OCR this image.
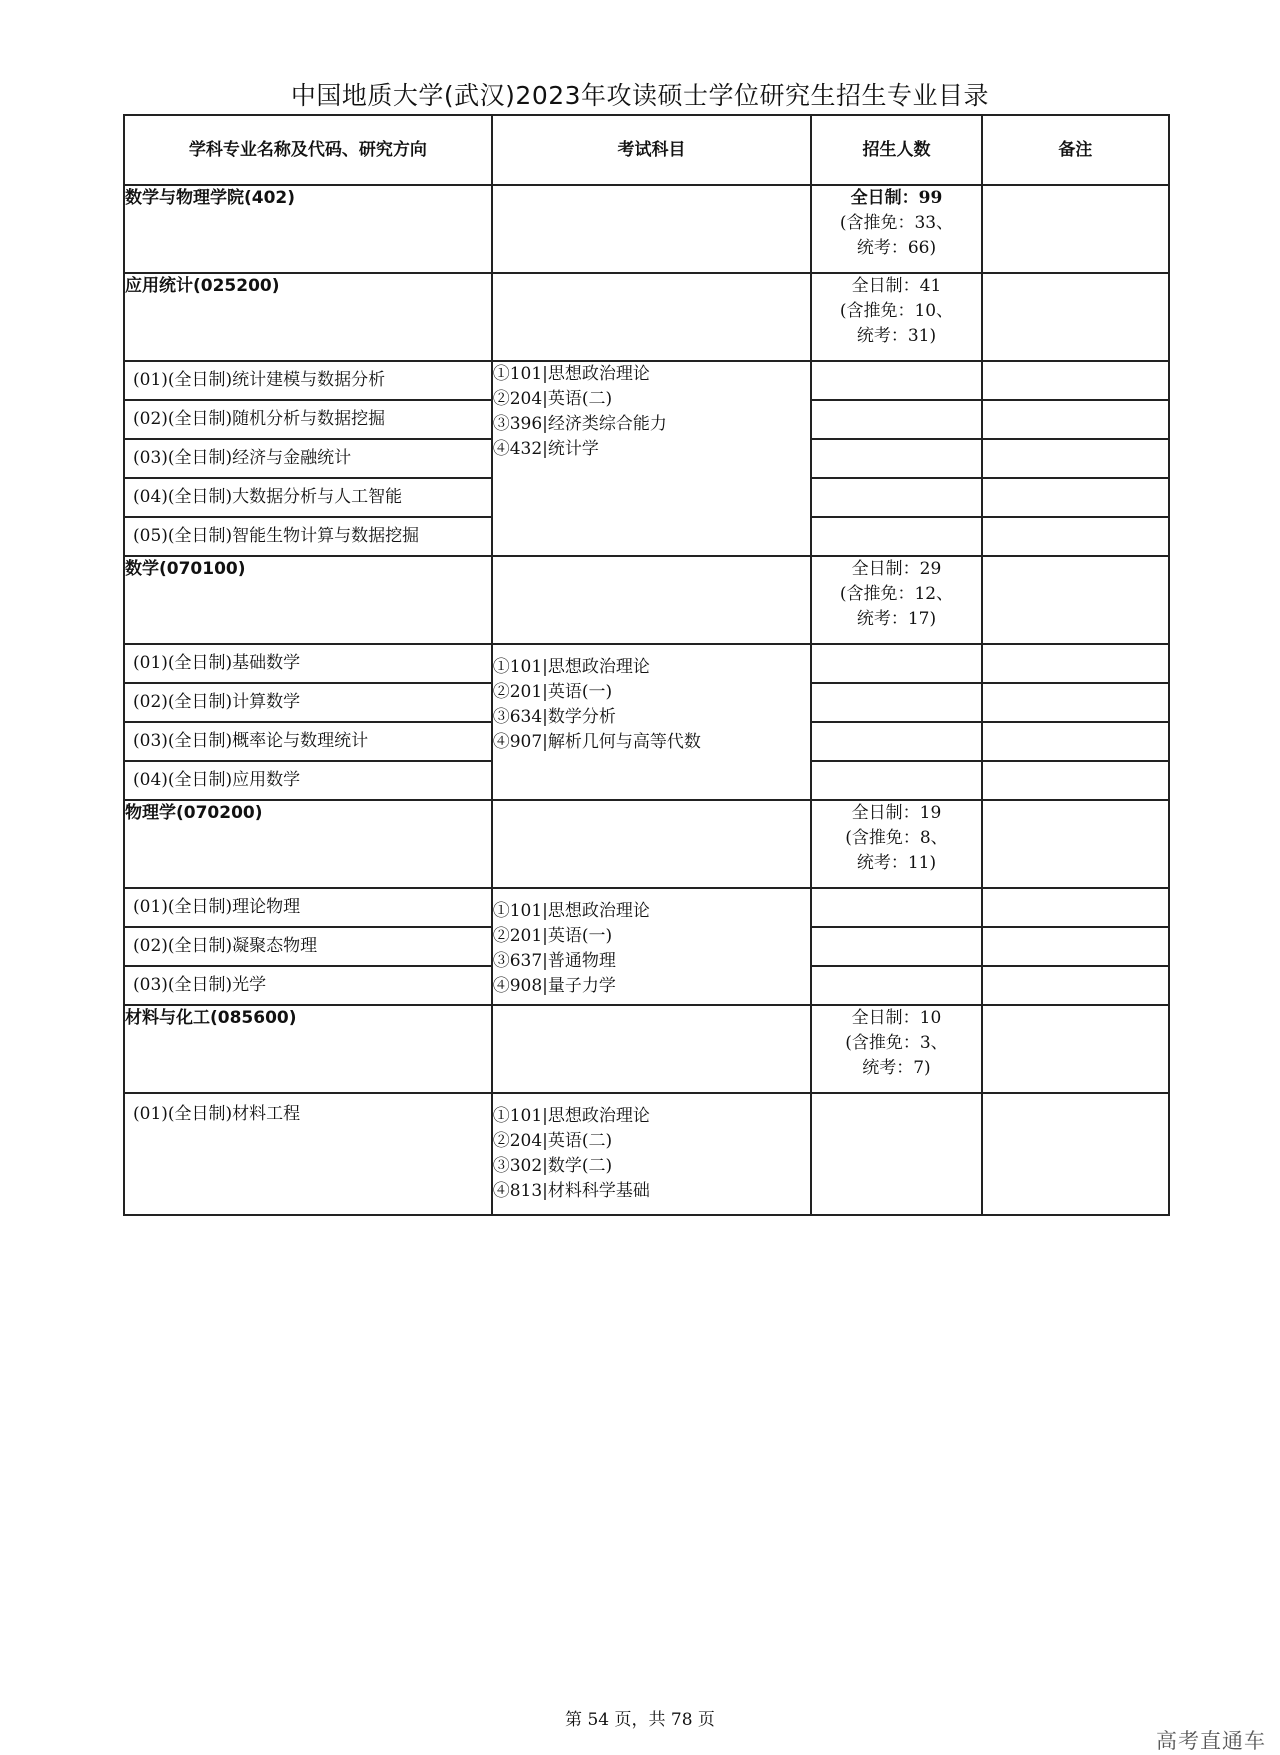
中国地质大学(武汉)2023年攻读硕士学位研究生招生专业目录
学科专业名称及代码、研究方向	考试科目	招生人数	备注
数学与物理学院(402)		全日制：99
(含推免：33、
统考：66)	

应用统计(025200)		全日制：41
(含推免：10、
统考：31)	

(01)(全日制)统计建模与数据分析	①101|思想政治理论
②204|英语(二)
③396|经济类综合能力
④432|统计学		

(02)(全日制)随机分析与数据挖掘			
(03)(全日制)经济与金融统计			
(04)(全日制)大数据分析与人工智能			
(05)(全日制)智能生物计算与数据挖掘			
数学(070100)		全日制：29
(含推免：12、
统考：17)	

(01)(全日制)基础数学	①101|思想政治理论
②201|英语(一)
③634|数学分析
④907|解析几何与高等代数		

(02)(全日制)计算数学			
(03)(全日制)概率论与数理统计			
(04)(全日制)应用数学			
物理学(070200)		全日制：19
(含推免：8、
统考：11)	

(01)(全日制)理论物理	①101|思想政治理论
②201|英语(一)
③637|普通物理
④908|量子力学		

(02)(全日制)凝聚态物理			
(03)(全日制)光学			
材料与化工(085600)		全日制：10
(含推免：3、
统考：7)	

(01)(全日制)材料工程	①101|思想政治理论
②204|英语(二)
③302|数学(二)
④813|材料科学基础		

第 54 页，共 78 页
高考直通车
